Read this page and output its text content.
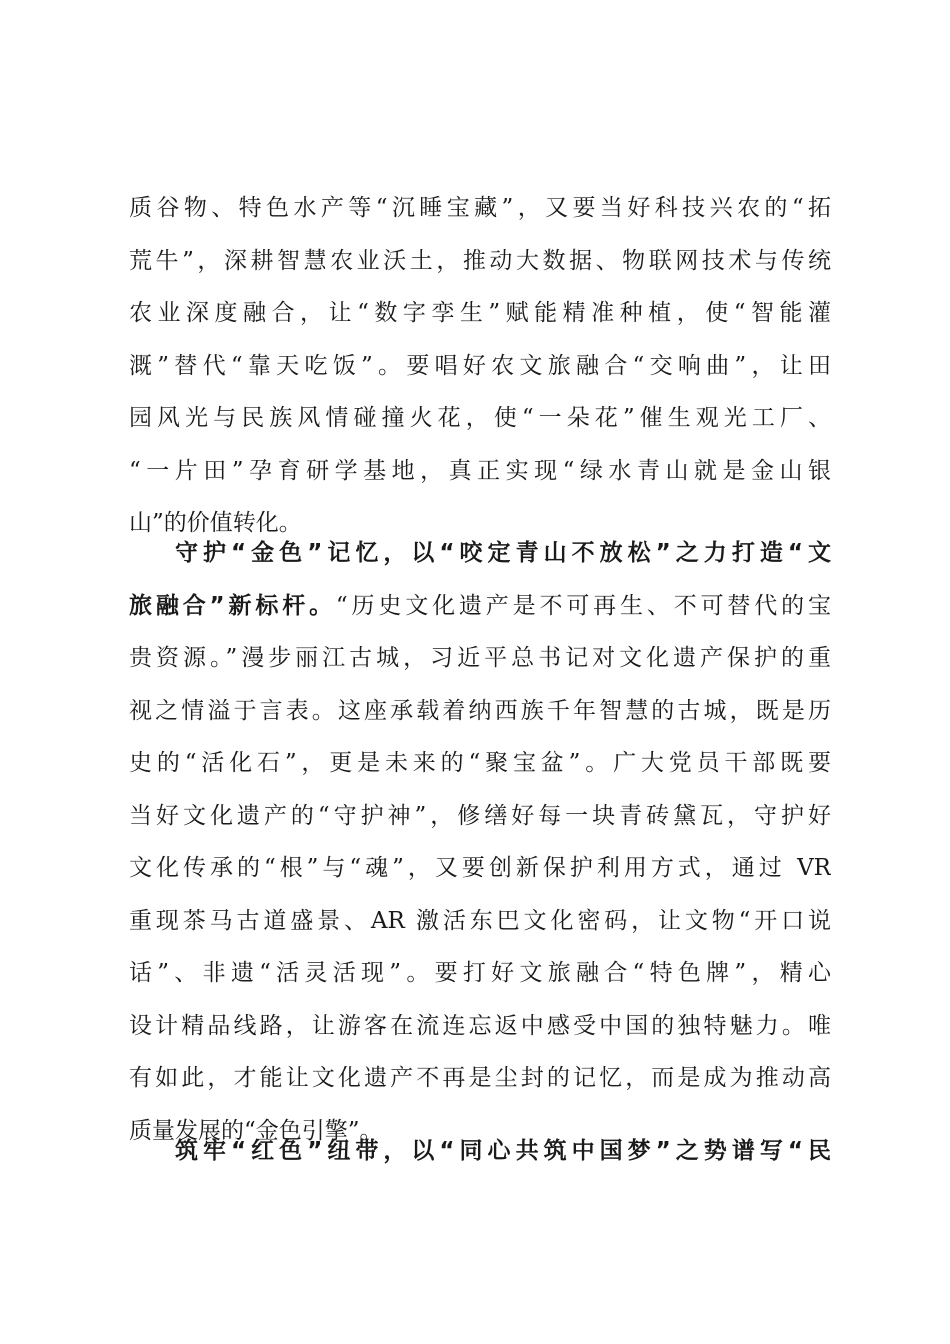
质谷物、特色水产等“沉睡宝藏”，又要当好科技兴农的“拓
荒牛”，深耕智慧农业沃土，推动大数据、物联网技术与传统
农业深度融合，让“数字孪生”赋能精准种植，使“智能灌
溉”替代“靠天吃饭”。要唱好农文旅融合“交响曲”，让田
园风光与民族风情碰撞火花，使“一朵花”催生观光工厂、
“一片田”孕育研学基地，真正实现“绿水青山就是金山银
山”的价值转化。
守护“金色”记忆，以“咬定青山不放松”之力打造“文
旅融合”新标杆。“历史文化遗产是不可再生、不可替代的宝
贵资源。”漫步丽江古城，习近平总书记对文化遗产保护的重
视之情溢于言表。这座承载着纳西族千年智慧的古城，既是历
史的“活化石”，更是未来的“聚宝盆”。广大党员干部既要
当好文化遗产的“守护神”，修缮好每一块青砖黛瓦，守护好
文化传承的“根”与“魂”，又要创新保护利用方式，通过 VR
重现茶马古道盛景、AR 激活东巴文化密码，让文物“开口说
话”、非遗“活灵活现”。要打好文旅融合“特色牌”，精心
设计精品线路，让游客在流连忘返中感受中国的独特魅力。唯
有如此，才能让文化遗产不再是尘封的记忆，而是成为推动高
质量发展的“金色引擎”。
筑牢“红色”纽带，以“同心共筑中国梦”之势谱写“民
